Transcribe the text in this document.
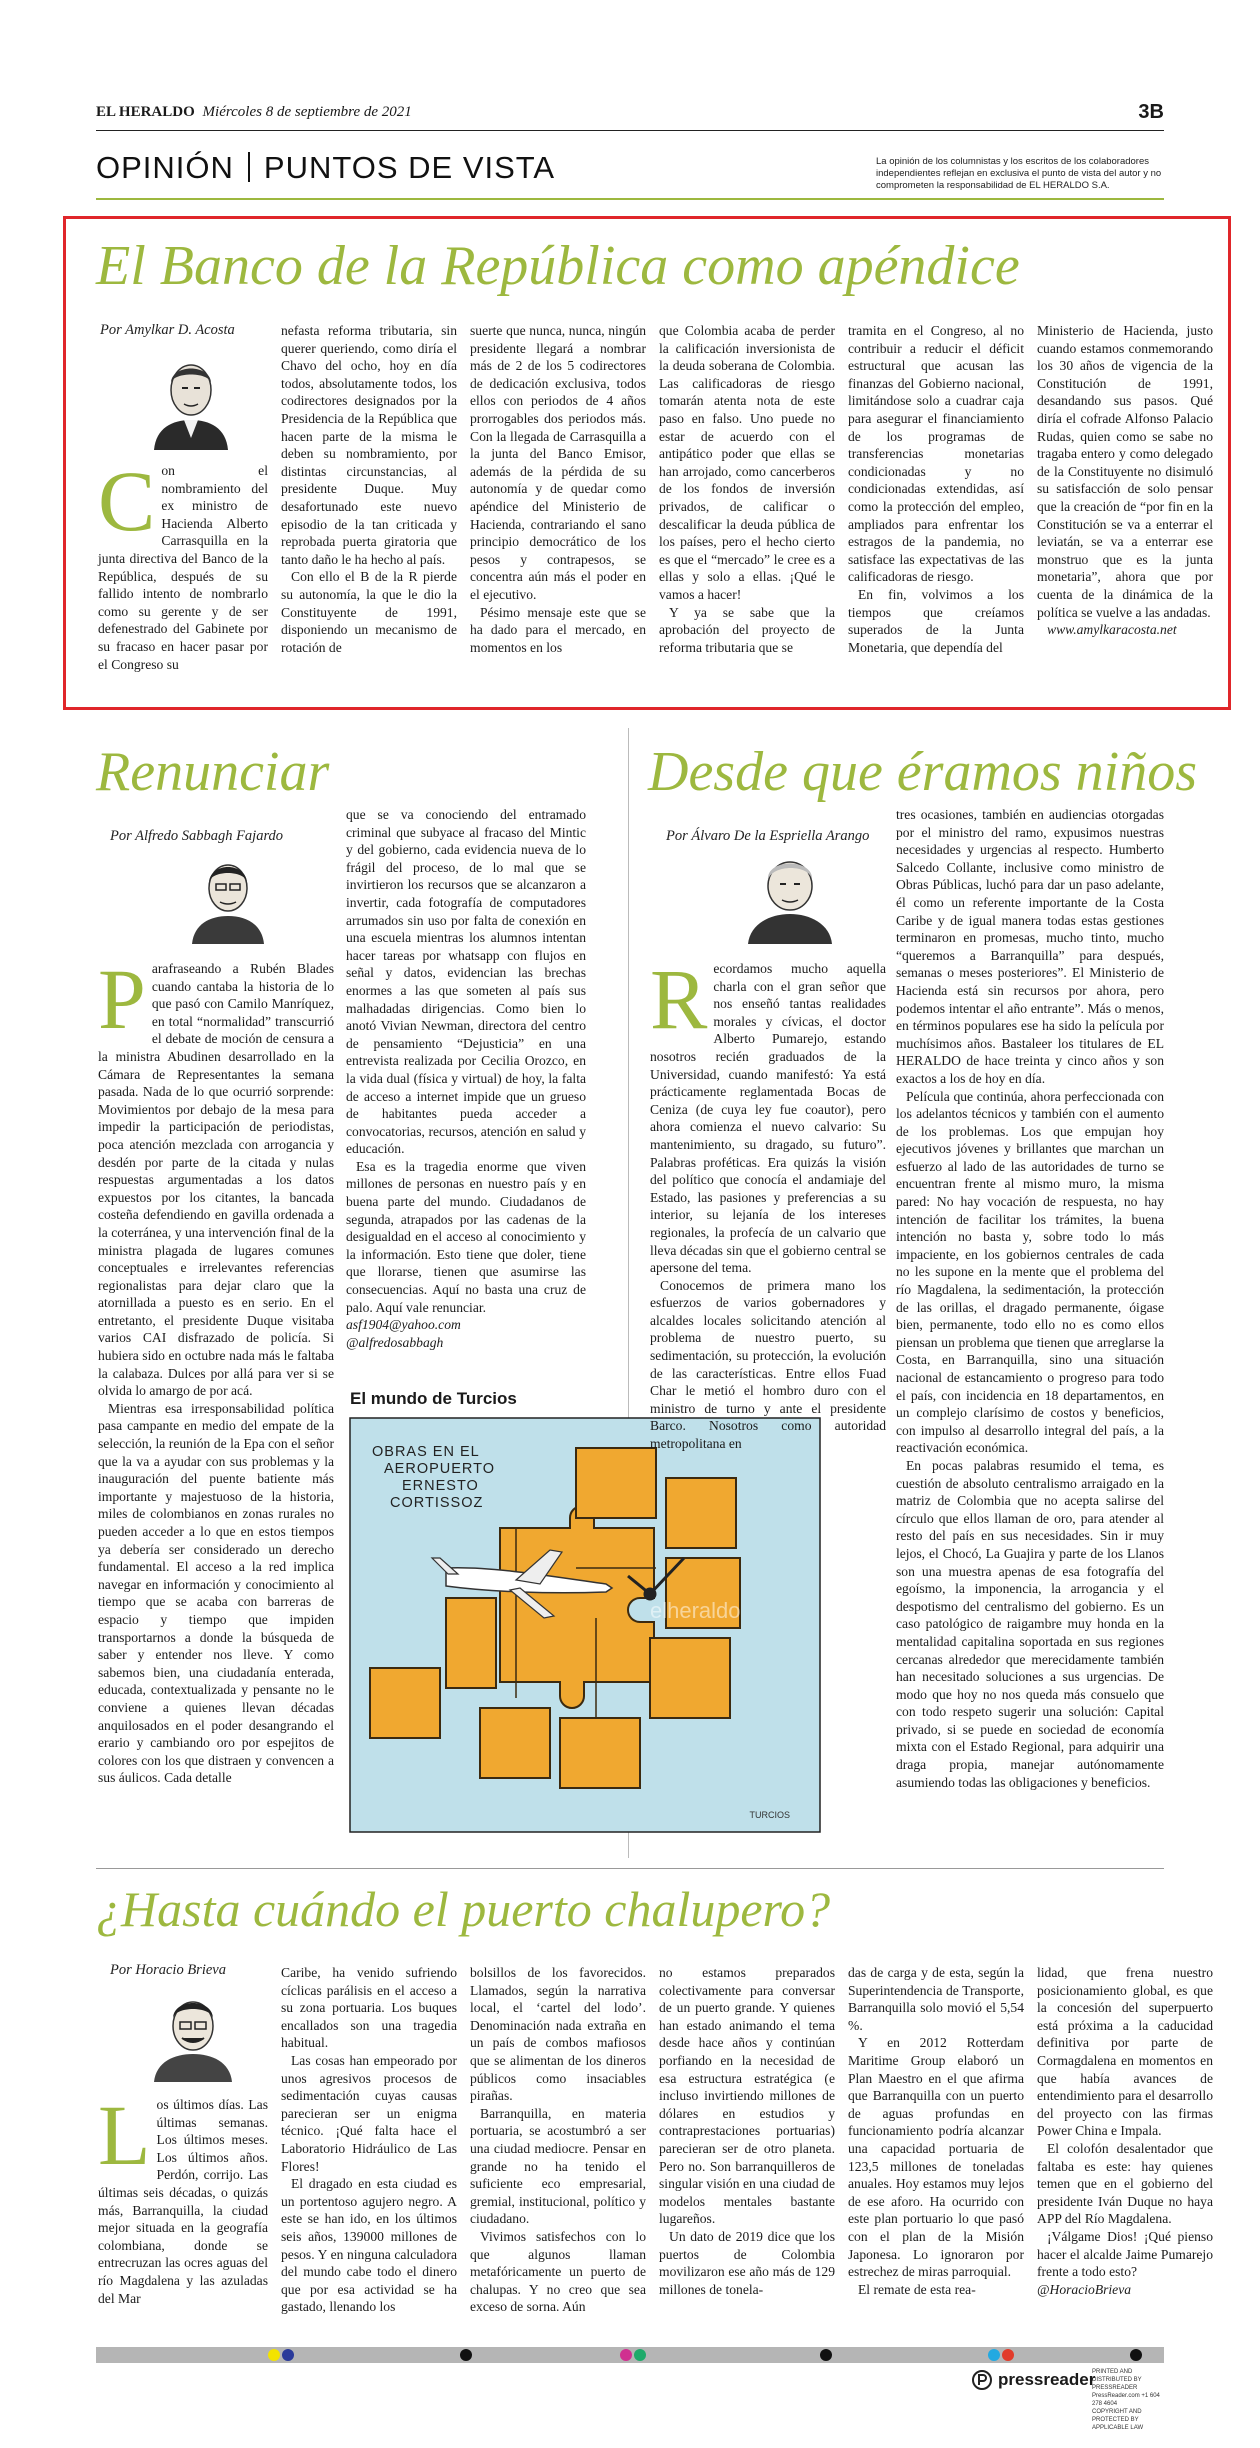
EL HERALDO Miércoles 8 de septiembre de 2021	3B
OPINIÓN PUNTOS DE VISTA	La opinión de los columnistas y los escritos de los colaboradores independientes reflejan en exclusiva el punto de vista del autor y no comprometen la responsabilidad de EL HERALDO S.A.
El Banco de la República como apéndice
Por Amylkar D. Acosta
Con el nombramiento del ex ministro de Hacienda Alberto Carrasquilla en la junta directiva del Banco de la República, después de su fallido intento de nombrarlo como su gerente y de ser defenestrado del Gabinete por su fracaso en hacer pasar por el Congreso su

nefasta reforma tributaria, sin querer queriendo, como diría el Chavo del ocho, hoy en día todos, absolutamente todos, los codirectores designados por la Presidencia de la República que hacen parte de la misma le deben su nombramiento, por distintas circunstancias, al presidente Duque. Muy desafortunado este nuevo episodio de la tan criticada y reprobada puerta giratoria que tanto daño le ha hecho al país.

Con ello el B de la R pierde su autonomía, la que le dio la Constituyente de 1991, disponiendo un mecanismo de rotación de

suerte que nunca, nunca, ningún presidente llegará a nombrar más de 2 de los 5 codirectores de dedicación exclusiva, todos ellos con periodos de 4 años prorrogables dos periodos más. Con la llegada de Carrasquilla a la junta del Banco Emisor, además de la pérdida de su autonomía y de quedar como apéndice del Ministerio de Hacienda, contrariando el sano principio democrático de los pesos y contrapesos, se concentra aún más el poder en el ejecutivo.

Pésimo mensaje este que se ha dado para el mercado, en momentos en los

que Colombia acaba de perder la calificación inversionista de la deuda soberana de Colombia. Las calificadoras de riesgo tomarán atenta nota de este paso en falso. Uno puede no estar de acuerdo con el antipático poder que ellas se han arrojado, como cancerberos de los fondos de inversión privados, de calificar o descalificar la deuda pública de los países, pero el hecho cierto es que el “mercado” le cree es a ellas y solo a ellas. ¡Qué le vamos a hacer!

Y ya se sabe que la aprobación del proyecto de reforma tributaria que se

tramita en el Congreso, al no contribuir a reducir el déficit estructural que acusan las finanzas del Gobierno nacional, limitándose solo a cuadrar caja para asegurar el financiamiento de los programas de transferencias monetarias condicionadas y no condicionadas extendidas, así como la protección del empleo, ampliados para enfrentar los estragos de la pandemia, no satisface las expectativas de las calificadoras de riesgo.

En fin, volvimos a los tiempos que creíamos superados de la Junta Monetaria, que dependía del

Ministerio de Hacienda, justo cuando estamos conmemorando los 30 años de vigencia de la Constitución de 1991, desandando sus pasos. Qué diría el cofrade Alfonso Palacio Rudas, quien como se sabe no tragaba entero y como delegado de la Constituyente no disimuló su satisfacción de solo pensar que la creación de “por fin en la Constitución se va a enterrar el leviatán, se va a enterrar ese monstruo que es la junta monetaria”, ahora que por cuenta de la dinámica de la política se vuelve a las andadas.

www.amylkaracosta.net

Renunciar
Por Alfredo Sabbagh Fajardo
Parafraseando a Rubén Blades cuando cantaba la historia de lo que pasó con Camilo Manríquez, en total “normalidad” transcurrió el debate de moción de censura a la ministra Abudinen desarrollado en la Cámara de Representantes la semana pasada. Nada de lo que ocurrió sorprende: Movimientos por debajo de la mesa para impedir la participación de periodistas, poca atención mezclada con arrogancia y desdén por parte de la citada y nulas respuestas argumentadas a los datos expuestos por los citantes, la bancada costeña defendiendo en gavilla ordenada a la coterránea, y una intervención final de la ministra plagada de lugares comunes conceptuales e irrelevantes referencias regionalistas para dejar claro que la atornillada a puesto es en serio. En el entretanto, el presidente Duque visitaba varios CAI disfrazado de policía. Si hubiera sido en octubre nada más le faltaba la calabaza. Dulces por allá para ver si se olvida lo amargo de por acá.

Mientras esa irresponsabilidad política pasa campante en medio del empate de la selección, la reunión de la Epa con el señor que la va a ayudar con sus problemas y la inauguración del puente batiente más importante y majestuoso de la historia, miles de colombianos en zonas rurales no pueden acceder a lo que en estos tiempos ya debería ser considerado un derecho fundamental. El acceso a la red implica navegar en información y conocimiento al tiempo que se acaba con barreras de espacio y tiempo que impiden transportarnos a donde la búsqueda de saber y entender nos lleve. Y como sabemos bien, una ciudadanía enterada, educada, contextualizada y pensante no le conviene a quienes llevan décadas anquilosados en el poder desangrando el erario y cambiando oro por espejitos de colores con los que distraen y convencen a sus áulicos. Cada detalle

que se va conociendo del entramado criminal que subyace al fracaso del Mintic y del gobierno, cada evidencia nueva de lo frágil del proceso, de lo mal que se invirtieron los recursos que se alcanzaron a invertir, cada fotografía de computadores arrumados sin uso por falta de conexión en una escuela mientras los alumnos intentan hacer tareas por whatsapp con flujos en señal y datos, evidencian las brechas enormes a las que someten al país sus malhadadas dirigencias. Como bien lo anotó Vivian Newman, directora del centro de pensamiento “Dejusticia” en una entrevista realizada por Cecilia Orozco, en la vida dual (física y virtual) de hoy, la falta de acceso a internet impide que un grueso de habitantes pueda acceder a convocatorias, recursos, atención en salud y educación.

Esa es la tragedia enorme que viven millones de personas en nuestro país y en buena parte del mundo. Ciudadanos de segunda, atrapados por las cadenas de la desigualdad en el acceso al conocimiento y la información. Esto tiene que doler, tiene que llorarse, tienen que asumirse las consecuencias. Aquí no basta una cruz de palo. Aquí vale renunciar.

asf1904@yahoo.com

@alfredosabbagh

El mundo de Turcios
TURCIOS
elheraldo
OBRAS EN EL
AEROPUERTO
ERNESTO
CORTISSOZ
Desde que éramos niños
Por Álvaro De la Espriella Arango
Recordamos mucho aquella charla con el gran señor que nos enseñó tantas realidades morales y cívicas, el doctor Alberto Pumarejo, estando nosotros recién graduados de la Universidad, cuando manifestó: Ya está prácticamente reglamentada Bocas de Ceniza (de cuya ley fue coautor), pero ahora comienza el nuevo calvario: Su mantenimiento, su dragado, su futuro”. Palabras proféticas. Era quizás la visión del político que conocía el andamiaje del Estado, las pasiones y preferencias a su interior, su lejanía de los intereses regionales, la profecía de un calvario que lleva décadas sin que el gobierno central se apersone del tema.

Conocemos de primera mano los esfuerzos de varios gobernadores y alcaldes locales solicitando atención al problema de nuestro puerto, su sedimentación, su protección, la evolución de las características. Entre ellos Fuad Char le metió el hombro duro con el ministro de turno y ante el presidente Barco. Nosotros como autoridad metropolitana en

tres ocasiones, también en audiencias otorgadas por el ministro del ramo, expusimos nuestras necesidades y urgencias al respecto. Humberto Salcedo Collante, inclusive como ministro de Obras Públicas, luchó para dar un paso adelante, él como un referente importante de la Costa Caribe y de igual manera todas estas gestiones terminaron en promesas, mucho tinto, mucho “queremos a Barranquilla” para después, semanas o meses posteriores”. El Ministerio de Hacienda está sin recursos por ahora, pero podemos intentar el año entrante”. Más o menos, en términos populares ese ha sido la película por muchísimos años. Bastaleer los titulares de EL HERALDO de hace treinta y cinco años y son exactos a los de hoy en día.

Película que continúa, ahora perfeccionada con los adelantos técnicos y también con el aumento de los problemas. Los que empujan hoy ejecutivos jóvenes y brillantes que marchan un esfuerzo al lado de las autoridades de turno se encuentran frente al mismo muro, la misma pared: No hay vocación de respuesta, no hay intención de facilitar los trámites, la buena intención no basta y, sobre todo lo más impaciente, en los gobiernos centrales de cada no les supone en la mente que el problema del río Magdalena, la sedimentación, la protección de las orillas, el dragado permanente, óigase bien, permanente, todo ello no es como ellos piensan un problema que tienen que arreglarse la Costa, en Barranquilla, sino una situación nacional de estancamiento o progreso para todo el país, con incidencia en 18 departamentos, en un complejo clarísimo de costos y beneficios, con impulso al desarrollo integral del país, a la reactivación económica.

En pocas palabras resumido el tema, es cuestión de absoluto centralismo arraigado en la matriz de Colombia que no acepta salirse del círculo que ellos llaman de oro, para atender al resto del país en sus necesidades. Sin ir muy lejos, el Chocó, La Guajira y parte de los Llanos son una muestra apenas de esa fotografía del egoísmo, la imponencia, la arrogancia y el despotismo del centralismo del gobierno. Es un caso patológico de raigambre muy honda en la mentalidad capitalina soportada en sus regiones cercanas alrededor que merecidamente también han necesitado soluciones a sus urgencias. De modo que hoy no nos queda más consuelo que con todo respeto sugerir una solución: Capital privado, si se puede en sociedad de economía mixta con el Estado Regional, para adquirir una draga propia, manejar autónomamente asumiendo todas las obligaciones y beneficios.

¿Hasta cuándo el puerto chalupero?
Por Horacio Brieva
Los últimos días. Las últimas semanas. Los últimos meses. Los últimos años. Perdón, corrijo. Las últimas seis décadas, o quizás más, Barranquilla, la ciudad mejor situada en la geografía colombiana, donde se entrecruzan las ocres aguas del río Magdalena y las azuladas del Mar

Caribe, ha venido sufriendo cíclicas parálisis en el acceso a su zona portuaria. Los buques encallados son una tragedia habitual.

Las cosas han empeorado por unos agresivos procesos de sedimentación cuyas causas parecieran ser un enigma técnico. ¡Qué falta hace el Laboratorio Hidráulico de Las Flores!

El dragado en esta ciudad es un portentoso agujero negro. A este se han ido, en los últimos seis años, 139000 millones de pesos. Y en ninguna calculadora del mundo cabe todo el dinero que por esa actividad se ha gastado, llenando los

bolsillos de los favorecidos. Llamados, según la narrativa local, el ‘cartel del lodo’. Denominación nada extraña en un país de combos mafiosos que se alimentan de los dineros públicos como insaciables pirañas.

Barranquilla, en materia portuaria, se acostumbró a ser una ciudad mediocre. Pensar en grande no ha tenido el suficiente eco empresarial, gremial, institucional, político y ciudadano.

Vivimos satisfechos con lo que algunos llaman metafóricamente un puerto de chalupas. Y no creo que sea exceso de sorna. Aún

no estamos preparados colectivamente para conversar de un puerto grande. Y quienes han estado animando el tema desde hace años y continúan porfiando en la necesidad de esa estructura estratégica (e incluso invirtiendo millones de dólares en estudios y contraprestaciones portuarias) parecieran ser de otro planeta. Pero no. Son barranquilleros de singular visión en una ciudad de modelos mentales bastante lugareños.

Un dato de 2019 dice que los puertos de Colombia movilizaron ese año más de 129 millones de tonela-

das de carga y de esta, según la Superintendencia de Transporte, Barranquilla solo movió el 5,54 %.

Y en 2012 Rotterdam Maritime Group elaboró un Plan Maestro en el que afirma que Barranquilla con un puerto de aguas profundas en funcionamiento podría alcanzar una capacidad portuaria de 123,5 millones de toneladas anuales. Hoy estamos muy lejos de ese aforo. Ha ocurrido con este plan portuario lo que pasó con el plan de la Misión Japonesa. Lo ignoraron por estrechez de miras parroquial.

El remate de esta rea-

lidad, que frena nuestro posicionamiento global, es que la concesión del superpuerto está próxima a la caducidad definitiva por parte de Cormagdalena en momentos en que había avances de entendimiento para el desarrollo del proyecto con las firmas Power China e Impala.

El colofón desalentador que faltaba es este: hay quienes temen que en el gobierno del presidente Iván Duque no haya APP del Río Magdalena.

¡Válgame Dios! ¡Qué pienso hacer el alcalde Jaime Pumarejo frente a todo esto?

@HoracioBrieva

pressreader
PRINTED AND DISTRIBUTED BY PRESSREADER
PressReader.com +1 604 278 4604
COPYRIGHT AND PROTECTED BY APPLICABLE LAW
